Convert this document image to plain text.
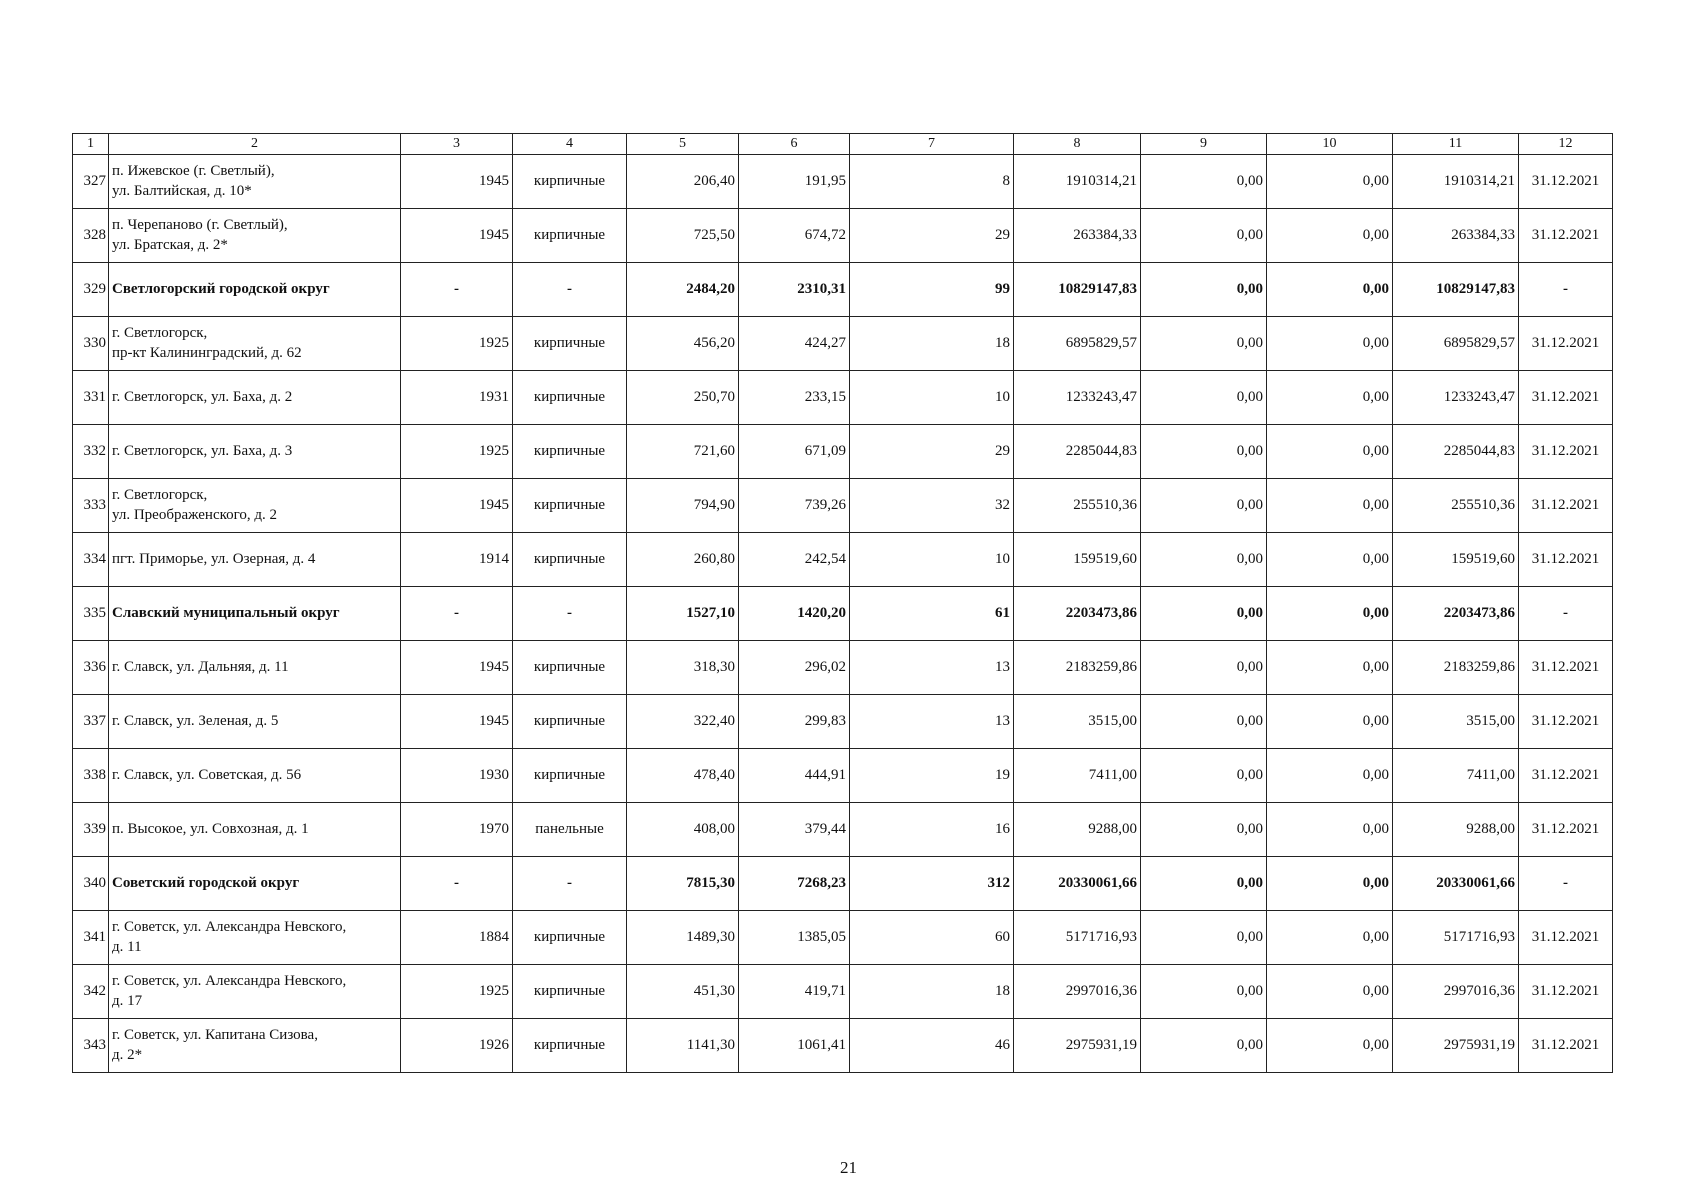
1	2	3	4	5	6	7	8	9	10	11	12
327	п. Ижевское (г. Светлый),
ул. Балтийская, д. 10*	1945	кирпичные	206,40	191,95	8	1910314,21	0,00	0,00	1910314,21	31.12.2021
328	п. Черепаново (г. Светлый),
ул. Братская, д. 2*	1945	кирпичные	725,50	674,72	29	263384,33	0,00	0,00	263384,33	31.12.2021
329	Светлогорский городской округ	-	-	2484,20	2310,31	99	10829147,83	0,00	0,00	10829147,83	-
330	г. Светлогорск,
пр-кт Калининградский, д. 62	1925	кирпичные	456,20	424,27	18	6895829,57	0,00	0,00	6895829,57	31.12.2021
331	г. Светлогорск, ул. Баха, д. 2	1931	кирпичные	250,70	233,15	10	1233243,47	0,00	0,00	1233243,47	31.12.2021
332	г. Светлогорск, ул. Баха, д. 3	1925	кирпичные	721,60	671,09	29	2285044,83	0,00	0,00	2285044,83	31.12.2021
333	г. Светлогорск,
ул. Преображенского, д. 2	1945	кирпичные	794,90	739,26	32	255510,36	0,00	0,00	255510,36	31.12.2021
334	пгт. Приморье, ул. Озерная, д. 4	1914	кирпичные	260,80	242,54	10	159519,60	0,00	0,00	159519,60	31.12.2021
335	Славский муниципальный округ	-	-	1527,10	1420,20	61	2203473,86	0,00	0,00	2203473,86	-
336	г. Славск, ул. Дальняя, д. 11	1945	кирпичные	318,30	296,02	13	2183259,86	0,00	0,00	2183259,86	31.12.2021
337	г. Славск, ул. Зеленая, д. 5	1945	кирпичные	322,40	299,83	13	3515,00	0,00	0,00	3515,00	31.12.2021
338	г. Славск, ул. Советская, д. 56	1930	кирпичные	478,40	444,91	19	7411,00	0,00	0,00	7411,00	31.12.2021
339	п. Высокое, ул. Совхозная, д. 1	1970	панельные	408,00	379,44	16	9288,00	0,00	0,00	9288,00	31.12.2021
340	Советский городской округ	-	-	7815,30	7268,23	312	20330061,66	0,00	0,00	20330061,66	-
341	г. Советск, ул. Александра Невского,
д. 11	1884	кирпичные	1489,30	1385,05	60	5171716,93	0,00	0,00	5171716,93	31.12.2021
342	г. Советск, ул. Александра Невского,
д. 17	1925	кирпичные	451,30	419,71	18	2997016,36	0,00	0,00	2997016,36	31.12.2021
343	г. Советск, ул. Капитана Сизова,
д. 2*	1926	кирпичные	1141,30	1061,41	46	2975931,19	0,00	0,00	2975931,19	31.12.2021
21
